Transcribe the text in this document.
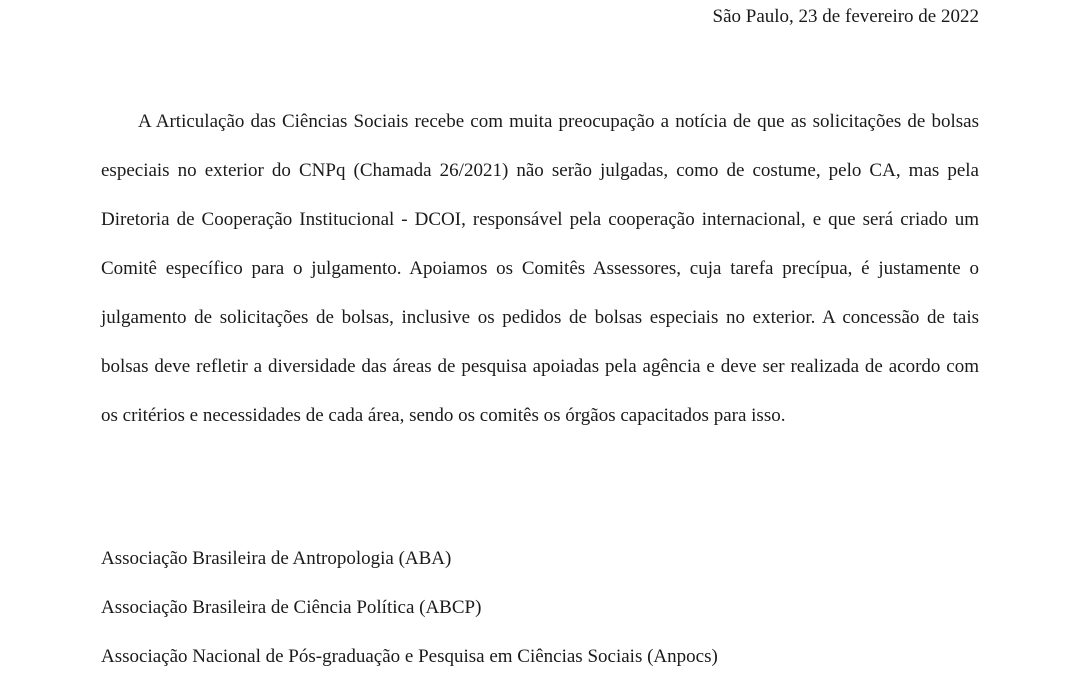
São Paulo, 23 de fevereiro de 2022

A Articulação das Ciências Sociais recebe com muita preocupação a notícia de que as solicitações de bolsas especiais no exterior do CNPq (Chamada 26/2021) não serão julgadas, como de costume, pelo CA, mas pela Diretoria de Cooperação Institucional - DCOI, responsável pela cooperação internacional, e que será criado um Comitê específico para o julgamento. Apoiamos os Comitês Assessores, cuja tarefa precípua, é justamente o julgamento de solicitações de bolsas, inclusive os pedidos de bolsas especiais no exterior. A concessão de tais bolsas deve refletir a diversidade das áreas de pesquisa apoiadas pela agência e deve ser realizada de acordo com os critérios e necessidades de cada área, sendo os comitês os órgãos capacitados para isso.

Associação Brasileira de Antropologia (ABA)
Associação Brasileira de Ciência Política (ABCP)
Associação Nacional de Pós-graduação e Pesquisa em Ciências Sociais (Anpocs)
